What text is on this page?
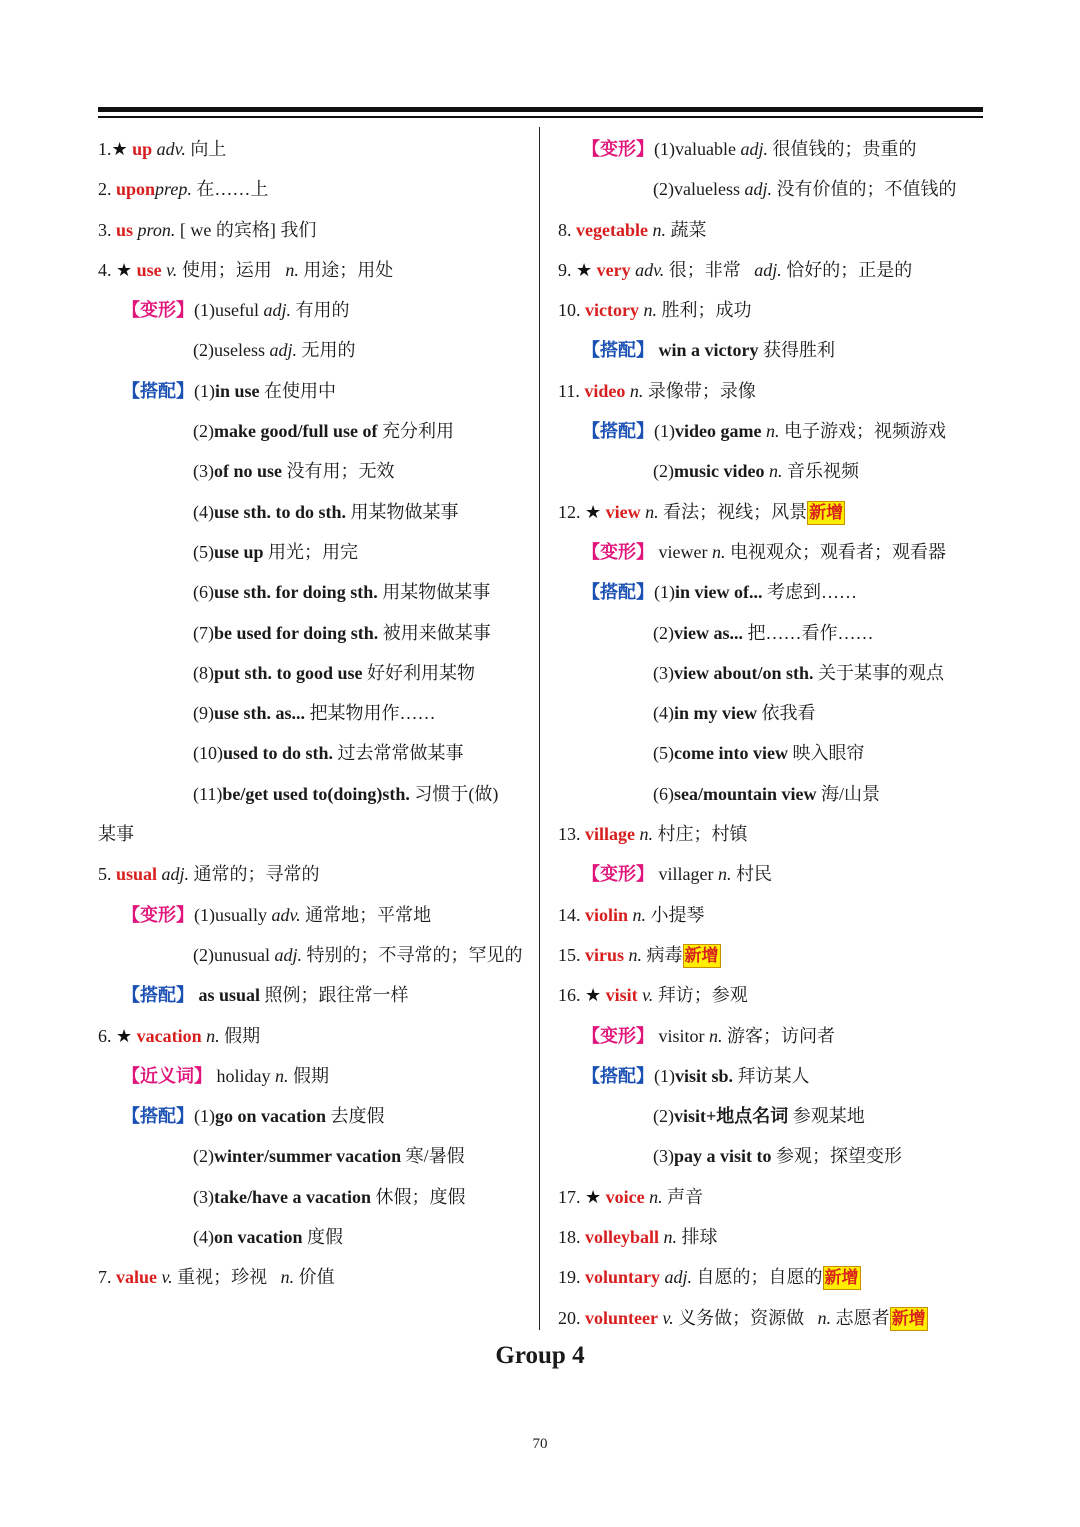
1.★ up adv. 向上
2. uponprep. 在……上
3. us pron. [ we 的宾格] 我们
4. ★ use v. 使用；运用 n. 用途；用处
【变形】(1)useful adj. 有用的
(2)useless adj. 无用的
【搭配】(1)in use 在使用中
(2)make good/full use of 充分利用
(3)of no use 没有用；无效
(4)use sth. to do sth. 用某物做某事
(5)use up 用光；用完
(6)use sth. for doing sth. 用某物做某事
(7)be used for doing sth. 被用来做某事
(8)put sth. to good use 好好利用某物
(9)use sth. as... 把某物用作……
(10)used to do sth. 过去常常做某事
(11)be/get used to(doing)sth. 习惯于(做)
某事
5. usual adj. 通常的；寻常的
【变形】(1)usually adv. 通常地；平常地
(2)unusual adj. 特别的；不寻常的；罕见的
【搭配】 as usual 照例；跟往常一样
6. ★ vacation n. 假期
【近义词】 holiday n. 假期
【搭配】(1)go on vacation 去度假
(2)winter/summer vacation 寒/暑假
(3)take/have a vacation 休假；度假
(4)on vacation 度假
7. value v. 重视；珍视 n. 价值
【变形】(1)valuable adj. 很值钱的；贵重的
(2)valueless adj. 没有价值的；不值钱的
8. vegetable n. 蔬菜
9. ★ very adv. 很；非常 adj. 恰好的；正是的
10. victory n. 胜利；成功
【搭配】 win a victory 获得胜利
11. video n. 录像带；录像
【搭配】(1)video game n. 电子游戏；视频游戏
(2)music video n. 音乐视频
12. ★ view n. 看法；视线；风景 新增
【变形】 viewer n. 电视观众；观看者；观看器
【搭配】(1)in view of... 考虑到……
(2)view as... 把……看作……
(3)view about/on sth. 关于某事的观点
(4)in my view 依我看
(5)come into view 映入眼帘
(6)sea/mountain view 海/山景
13. village n. 村庄；村镇
【变形】 villager n. 村民
14. violin n. 小提琴
15. virus n. 病毒 新增
16. ★ visit v. 拜访；参观
【变形】 visitor n. 游客；访问者
【搭配】(1)visit sb. 拜访某人
(2)visit+地点名词 参观某地
(3)pay a visit to 参观；探望变形
17. ★ voice n. 声音
18. volleyball n. 排球
19. voluntary adj. 自愿的；自愿的 新增
20. volunteer v. 义务做；资源做 n. 志愿者 新增
Group 4
70
